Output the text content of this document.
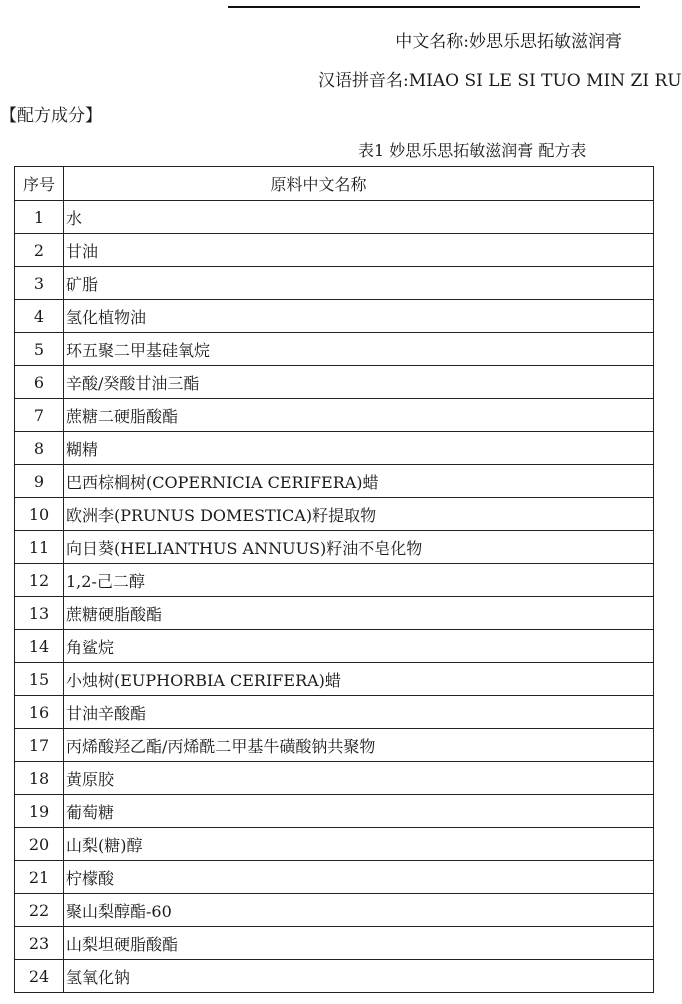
中文名称:妙思乐思拓敏滋润膏
汉语拼音名:MIAO SI LE SI TUO MIN ZI RU
【配方成分】
表1 妙思乐思拓敏滋润膏 配方表
序号	原料中文名称
1	水
2	甘油
3	矿脂
4	氢化植物油
5	环五聚二甲基硅氧烷
6	辛酸/癸酸甘油三酯
7	蔗糖二硬脂酸酯
8	糊精
9	巴西棕榈树(COPERNICIA CERIFERA)蜡
10	欧洲李(PRUNUS DOMESTICA)籽提取物
11	向日葵(HELIANTHUS ANNUUS)籽油不皂化物
12	1,2-己二醇
13	蔗糖硬脂酸酯
14	角鲨烷
15	小烛树(EUPHORBIA CERIFERA)蜡
16	甘油辛酸酯
17	丙烯酸羟乙酯/丙烯酰二甲基牛磺酸钠共聚物
18	黄原胶
19	葡萄糖
20	山梨(糖)醇
21	柠檬酸
22	聚山梨醇酯-60
23	山梨坦硬脂酸酯
24	氢氧化钠
